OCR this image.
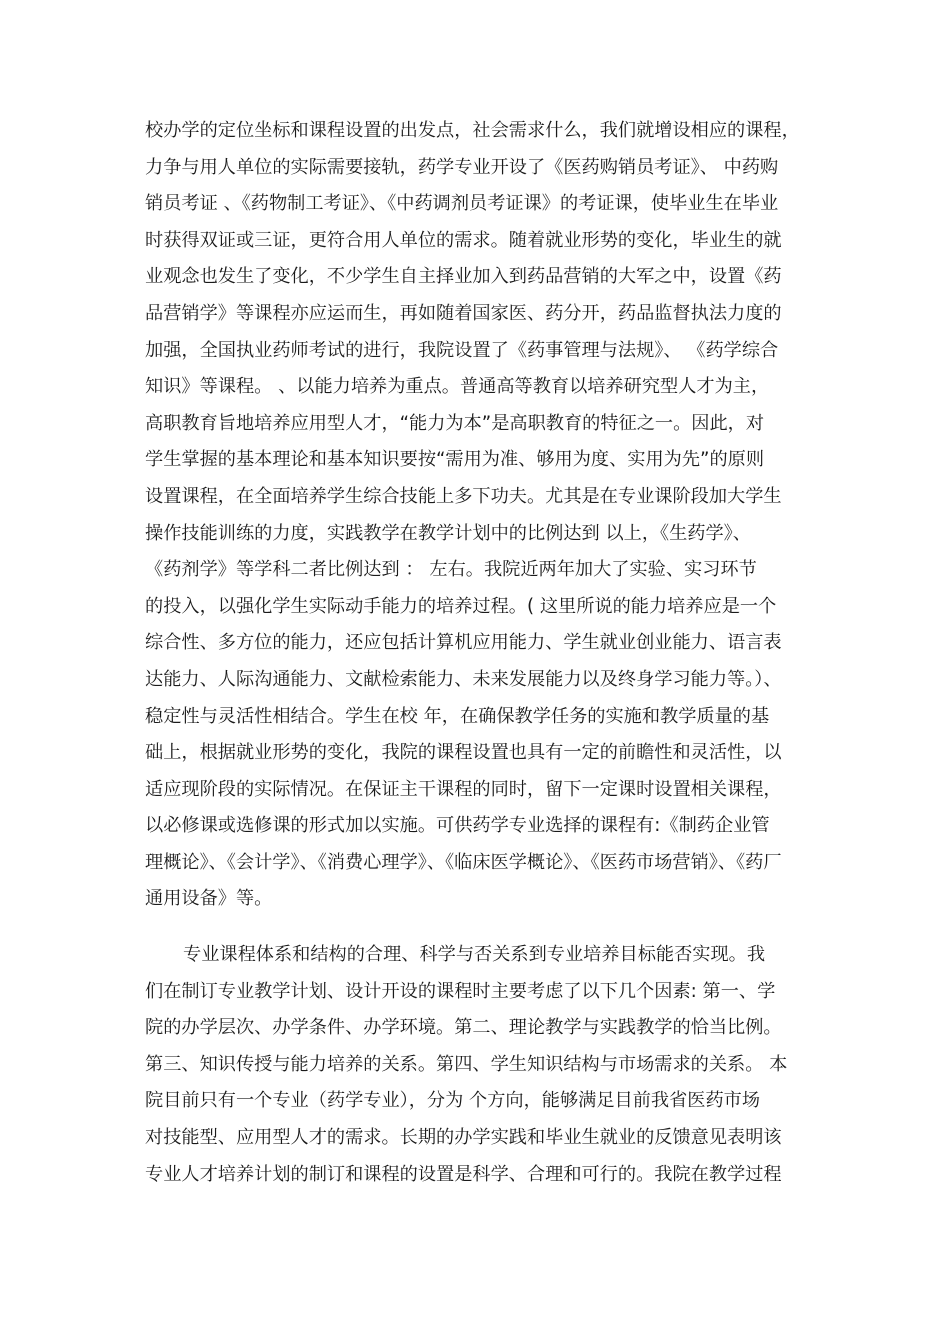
校办学的定位坐标和课程设置的出发点，社会需求什么，我们就增设相应的课程，
力争与用人单位的实际需要接轨，药学专业开设了《医药购销员考证》、 中药购
销员考证 、《药物制工考证》、《中药调剂员考证课》的考证课，使毕业生在毕业
时获得双证或三证，更符合用人单位的需求。随着就业形势的变化，毕业生的就
业观念也发生了变化，不少学生自主择业加入到药品营销的大军之中，设置《药
品营销学》等课程亦应运而生，再如随着国家医、药分开，药品监督执法力度的
加强，全国执业药师考试的进行，我院设置了《药事管理与法规》、 《药学综合
知识》等课程。 、以能力培养为重点。普通高等教育以培养研究型人才为主，
高职教育旨地培养应用型人才，“能力为本”是高职教育的特征之一。因此，对
学生掌握的基本理论和基本知识要按“需用为准、够用为度、实用为先”的原则
设置课程，在全面培养学生综合技能上多下功夫。尤其是在专业课阶段加大学生
操作技能训练的力度，实践教学在教学计划中的比例达到 以上，《生药学》、
《药剂学》等学科二者比例达到 ： 左右。我院近两年加大了实验、实习环节
的投入，以强化学生实际动手能力的培养过程。( 这里所说的能力培养应是一个
综合性、多方位的能力，还应包括计算机应用能力、学生就业创业能力、语言表
达能力、人际沟通能力、文献检索能力、未来发展能力以及终身学习能力等。）、
稳定性与灵活性相结合。学生在校 年，在确保教学任务的实施和教学质量的基
础上，根据就业形势的变化，我院的课程设置也具有一定的前瞻性和灵活性，以
适应现阶段的实际情况。在保证主干课程的同时，留下一定课时设置相关课程，
以必修课或选修课的形式加以实施。可供药学专业选择的课程有:《制药企业管
理概论》、《会计学》、《消费心理学》、《临床医学概论》、《医药市场营销》、《药厂
通用设备》等。
专业课程体系和结构的合理、科学与否关系到专业培养目标能否实现。我
们在制订专业教学计划、设计开设的课程时主要考虑了以下几个因素: 第一、学
院的办学层次、办学条件、办学环境。第二、理论教学与实践教学的恰当比例。
第三、知识传授与能力培养的关系。第四、学生知识结构与市场需求的关系。 本
院目前只有一个专业（药学专业），分为 个方向，能够满足目前我省医药市场
对技能型、应用型人才的需求。长期的办学实践和毕业生就业的反馈意见表明该
专业人才培养计划的制订和课程的设置是科学、合理和可行的。我院在教学过程
